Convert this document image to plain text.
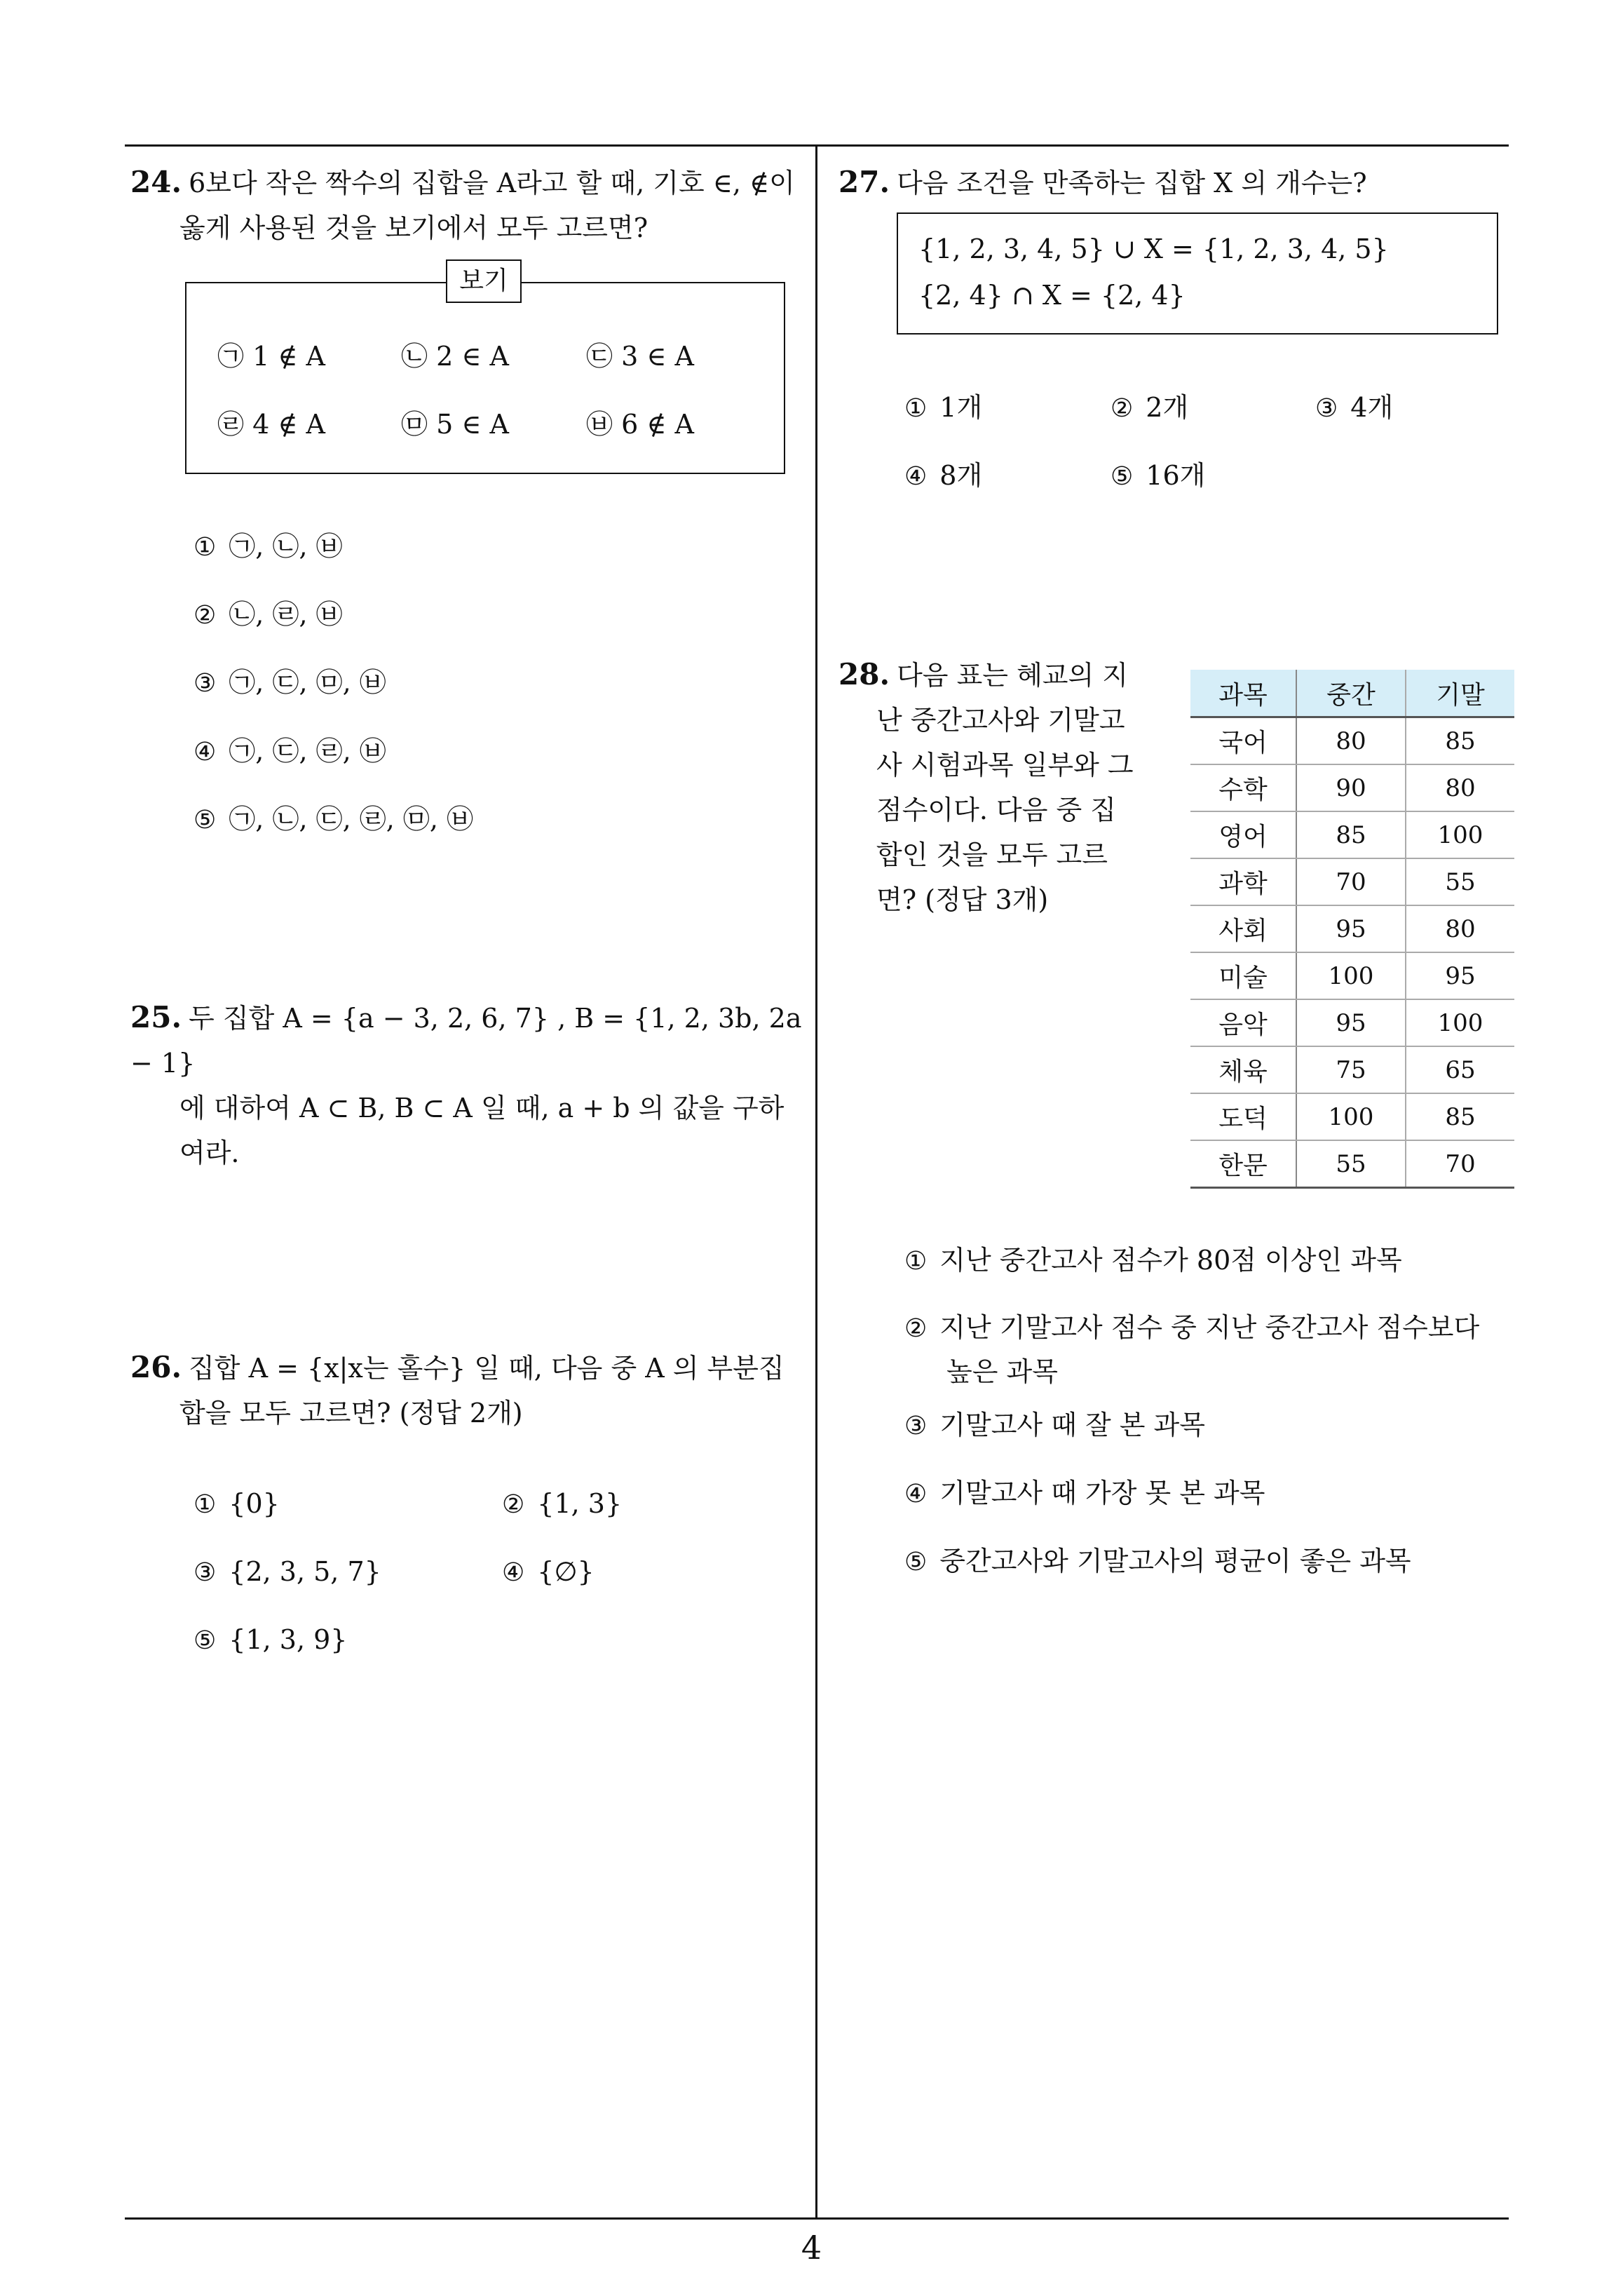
4
24. 6보다 작은 짝수의 집합을 A라고 할 때, 기호 ∈, ∉이
옳게 사용된 것을 보기에서 모두 고르면?
보기
㉠ 1 ∉ A	㉡ 2 ∈ A	㉢ 3 ∈ A
㉣ 4 ∉ A	㉤ 5 ∈ A	㉥ 6 ∉ A
① ㉠, ㉡, ㉥
② ㉡, ㉣, ㉥
③ ㉠, ㉢, ㉤, ㉥
④ ㉠, ㉢, ㉣, ㉥
⑤ ㉠, ㉡, ㉢, ㉣, ㉤, ㉥
25. 두 집합 A = {a − 3, 2, 6, 7} , B = {1, 2, 3b, 2a − 1}
에 대하여 A ⊂ B, B ⊂ A 일 때, a + b 의 값을 구하
여라.
26. 집합 A = {x|x는 홀수} 일 때, 다음 중 A 의 부분집
합을 모두 고르면? (정답 2개)
① {0}	② {1, 3}
③ {2, 3, 5, 7}	④ {∅}
⑤ {1, 3, 9}
27. 다음 조건을 만족하는 집합 X 의 개수는?
{1, 2, 3, 4, 5} ∪ X = {1, 2, 3, 4, 5}
{2, 4} ∩ X = {2, 4}
① 1개	② 2개	③ 4개
④ 8개	⑤ 16개
28. 다음 표는 혜교의 지
난 중간고사와 기말고
사 시험과목 일부와 그
점수이다. 다음 중 집
합인 것을 모두 고르
면? (정답 3개)
과목	중간	기말
국어	80	85
수학	90	80
영어	85	100
과학	70	55
사회	95	80
미술	100	95
음악	95	100
체육	75	65
도덕	100	85
한문	55	70
① 지난 중간고사 점수가 80점 이상인 과목
② 지난 기말고사 점수 중 지난 중간고사 점수보다
높은 과목
③ 기말고사 때 잘 본 과목
④ 기말고사 때 가장 못 본 과목
⑤ 중간고사와 기말고사의 평균이 좋은 과목
